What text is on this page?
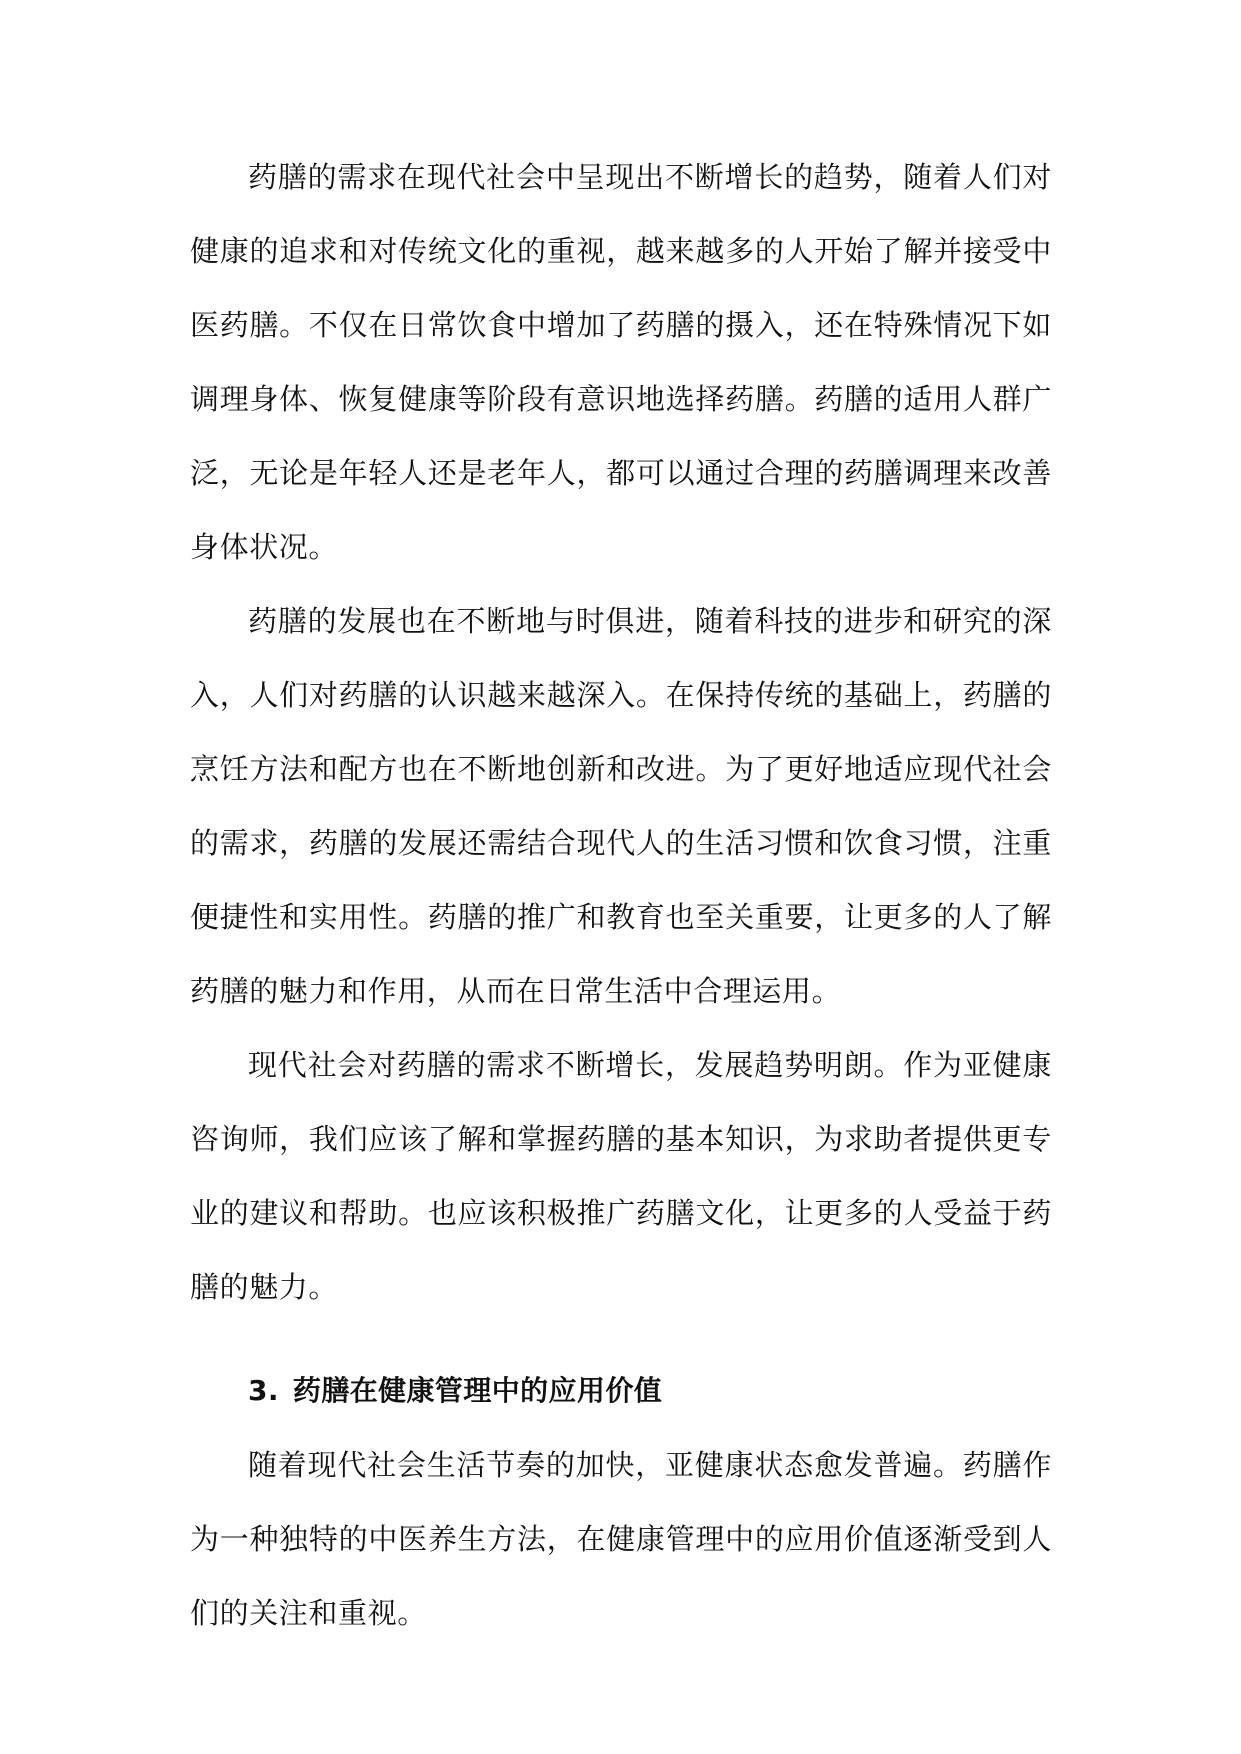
药膳的需求在现代社会中呈现出不断增长的趋势，随着人们对健康的追求和对传统文化的重视，越来越多的人开始了解并接受中医药膳。不仅在日常饮食中增加了药膳的摄入，还在特殊情况下如调理身体、恢复健康等阶段有意识地选择药膳。药膳的适用人群广泛，无论是年轻人还是老年人，都可以通过合理的药膳调理来改善身体状况。

药膳的发展也在不断地与时俱进，随着科技的进步和研究的深入，人们对药膳的认识越来越深入。在保持传统的基础上，药膳的烹饪方法和配方也在不断地创新和改进。为了更好地适应现代社会的需求，药膳的发展还需结合现代人的生活习惯和饮食习惯，注重便捷性和实用性。药膳的推广和教育也至关重要，让更多的人了解药膳的魅力和作用，从而在日常生活中合理运用。

现代社会对药膳的需求不断增长，发展趋势明朗。作为亚健康咨询师，我们应该了解和掌握药膳的基本知识，为求助者提供更专业的建议和帮助。也应该积极推广药膳文化，让更多的人受益于药膳的魅力。

3. 药膳在健康管理中的应用价值

随着现代社会生活节奏的加快，亚健康状态愈发普遍。药膳作为一种独特的中医养生方法，在健康管理中的应用价值逐渐受到人们的关注和重视。
